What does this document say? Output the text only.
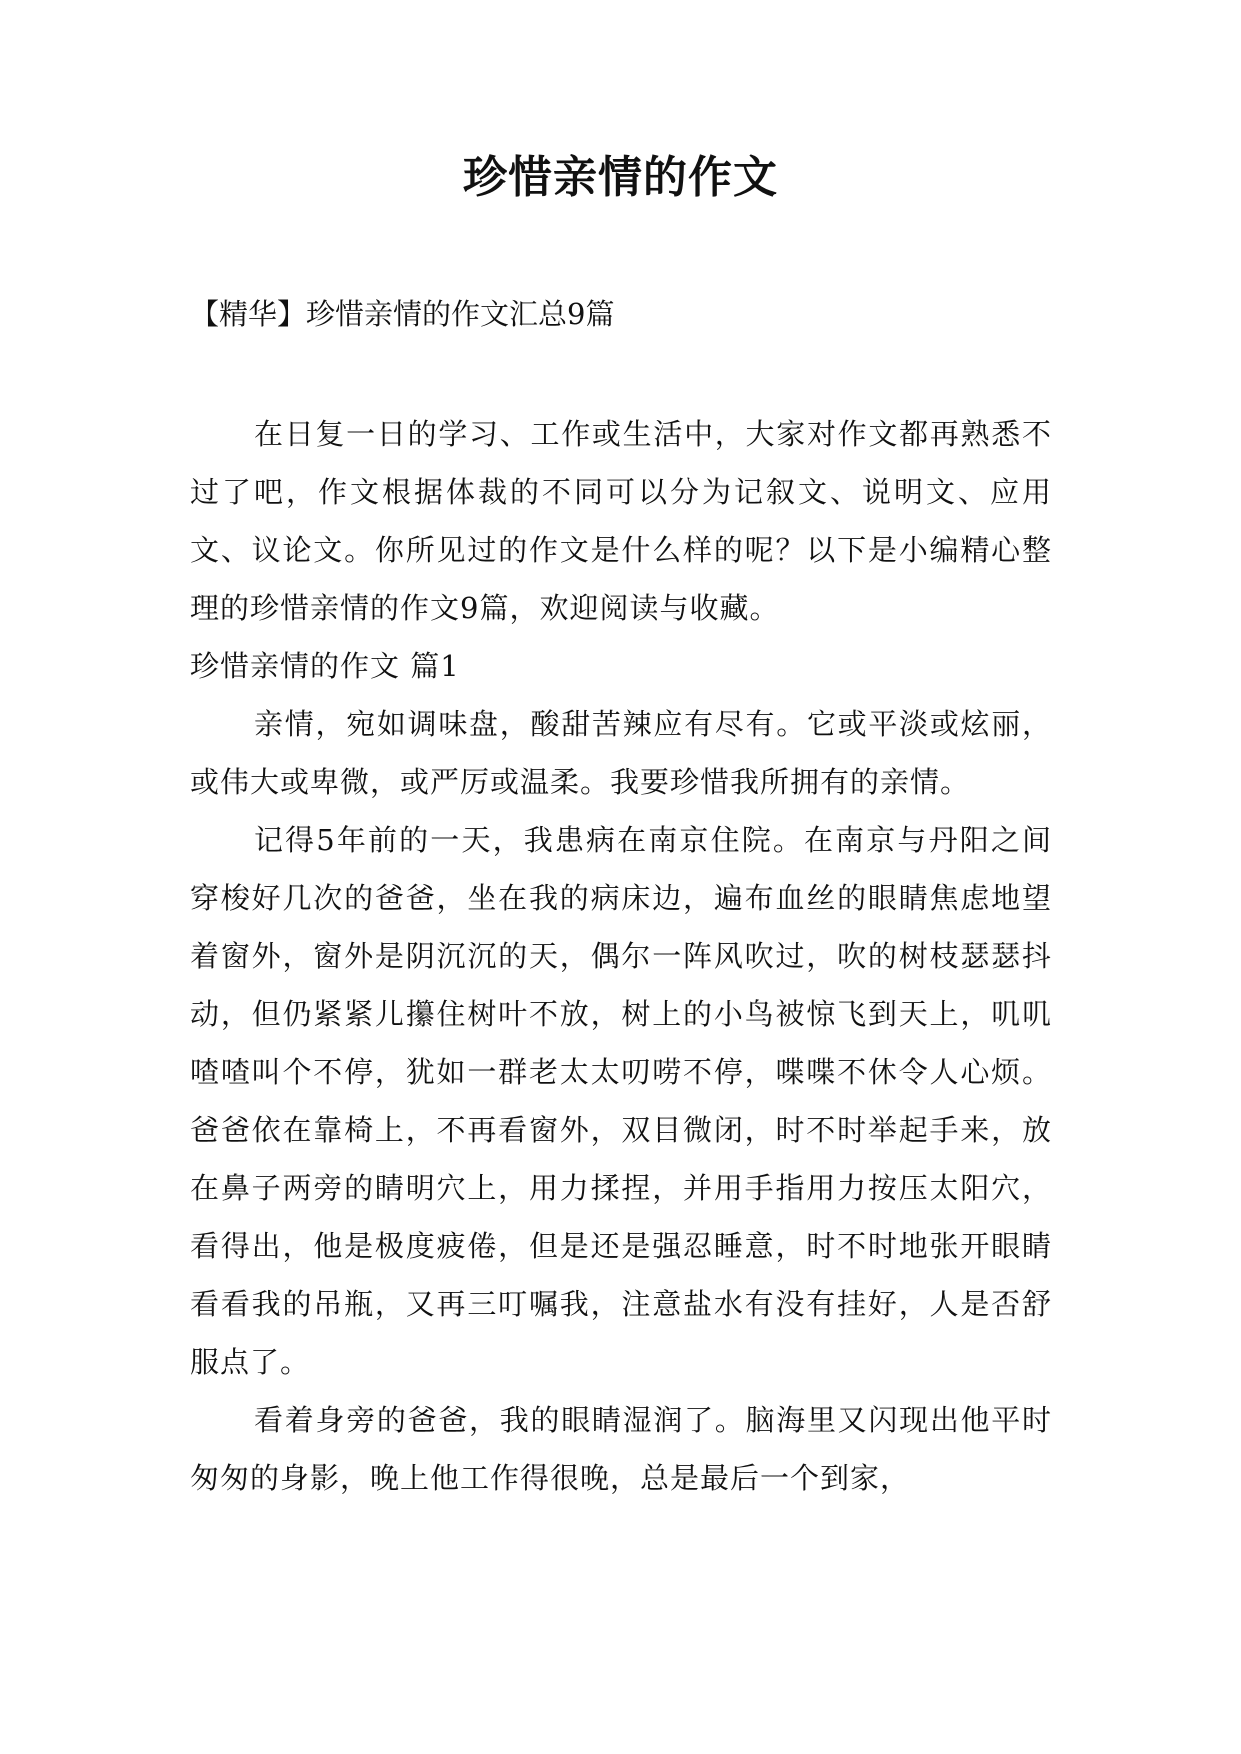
珍惜亲情的作文

【精华】珍惜亲情的作文汇总9篇

在日复一日的学习、工作或生活中，大家对作文都再熟悉不过了吧，作文根据体裁的不同可以分为记叙文、说明文、应用文、议论文。你所见过的作文是什么样的呢？以下是小编精心整理的珍惜亲情的作文9篇，欢迎阅读与收藏。

珍惜亲情的作文 篇1

亲情，宛如调味盘，酸甜苦辣应有尽有。它或平淡或炫丽，或伟大或卑微，或严厉或温柔。我要珍惜我所拥有的亲情。

记得5年前的一天，我患病在南京住院。在南京与丹阳之间穿梭好几次的爸爸，坐在我的病床边，遍布血丝的眼睛焦虑地望着窗外，窗外是阴沉沉的天，偶尔一阵风吹过，吹的树枝瑟瑟抖动，但仍紧紧儿攥住树叶不放，树上的小鸟被惊飞到天上，叽叽喳喳叫个不停，犹如一群老太太叨唠不停，喋喋不休令人心烦。爸爸依在靠椅上，不再看窗外，双目微闭，时不时举起手来，放在鼻子两旁的睛明穴上，用力揉捏，并用手指用力按压太阳穴，看得出，他是极度疲倦，但是还是强忍睡意，时不时地张开眼睛看看我的吊瓶，又再三叮嘱我，注意盐水有没有挂好，人是否舒服点了。

看着身旁的爸爸，我的眼睛湿润了。脑海里又闪现出他平时匆匆的身影，晚上他工作得很晚，总是最后一个到家，
